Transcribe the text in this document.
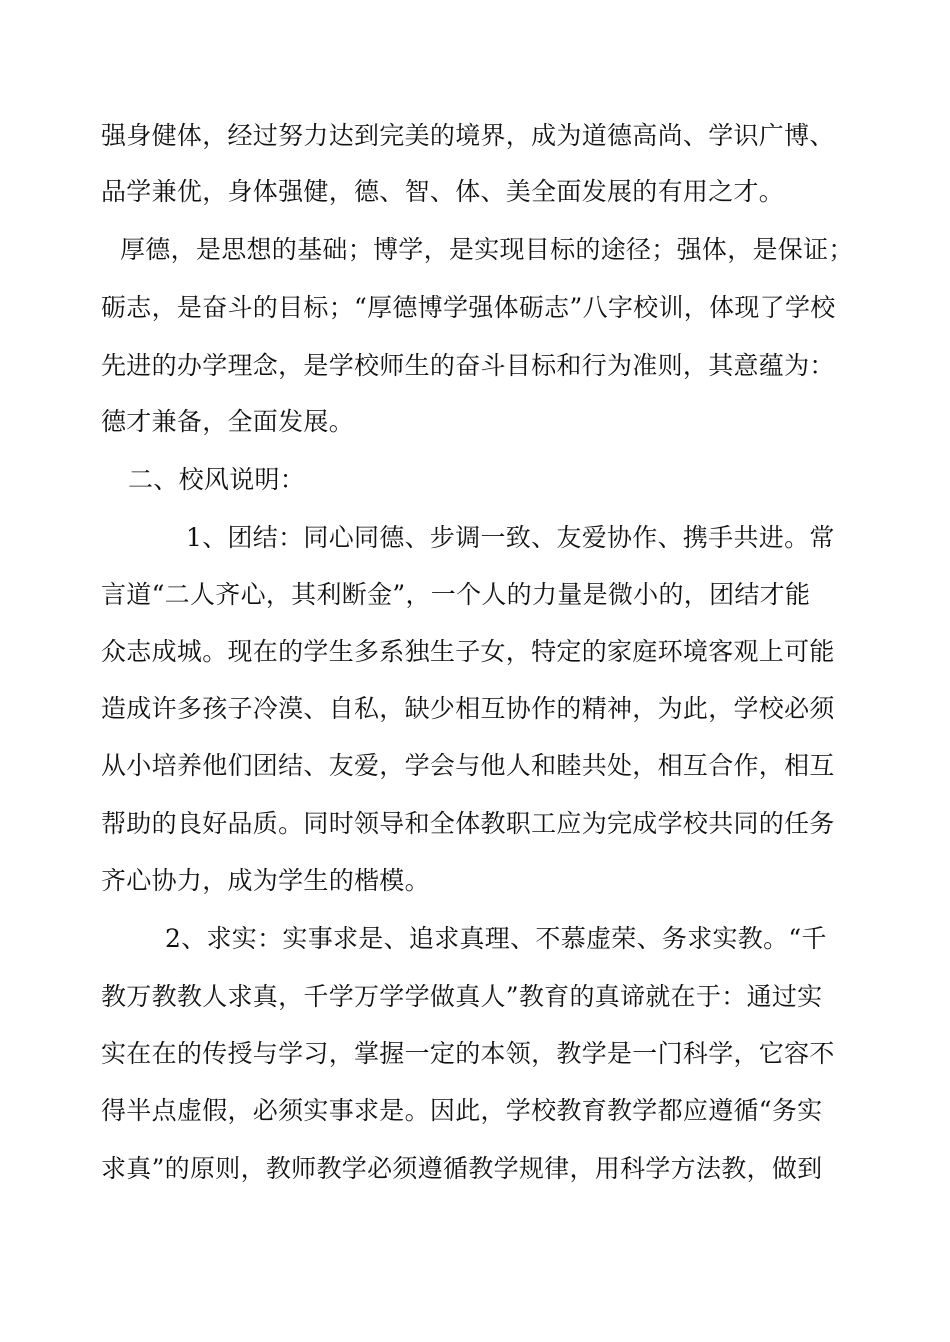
强身健体，经过努力达到完美的境界，成为道德高尚、学识广博、
品学兼优，身体强健，德、智、体、美全面发展的有用之才。
厚德，是思想的基础；博学，是实现目标的途径；强体，是保证；
砺志，是奋斗的目标；“厚德博学强体砺志”八字校训，体现了学校
先进的办学理念，是学校师生的奋斗目标和行为准则，其意蕴为：
德才兼备，全面发展。
二、校风说明：
1、团结：同心同德、步调一致、友爱协作、携手共进。常
言道“二人齐心，其利断金”，一个人的力量是微小的，团结才能
众志成城。现在的学生多系独生子女，特定的家庭环境客观上可能
造成许多孩子冷漠、自私，缺少相互协作的精神，为此，学校必须
从小培养他们团结、友爱，学会与他人和睦共处，相互合作，相互
帮助的良好品质。同时领导和全体教职工应为完成学校共同的任务
齐心协力，成为学生的楷模。
2、求实：实事求是、追求真理、不慕虚荣、务求实教。“千
教万教教人求真，千学万学学做真人”教育的真谛就在于：通过实
实在在的传授与学习，掌握一定的本领，教学是一门科学，它容不
得半点虚假，必须实事求是。因此，学校教育教学都应遵循“务实
求真”的原则，教师教学必须遵循教学规律，用科学方法教，做到
